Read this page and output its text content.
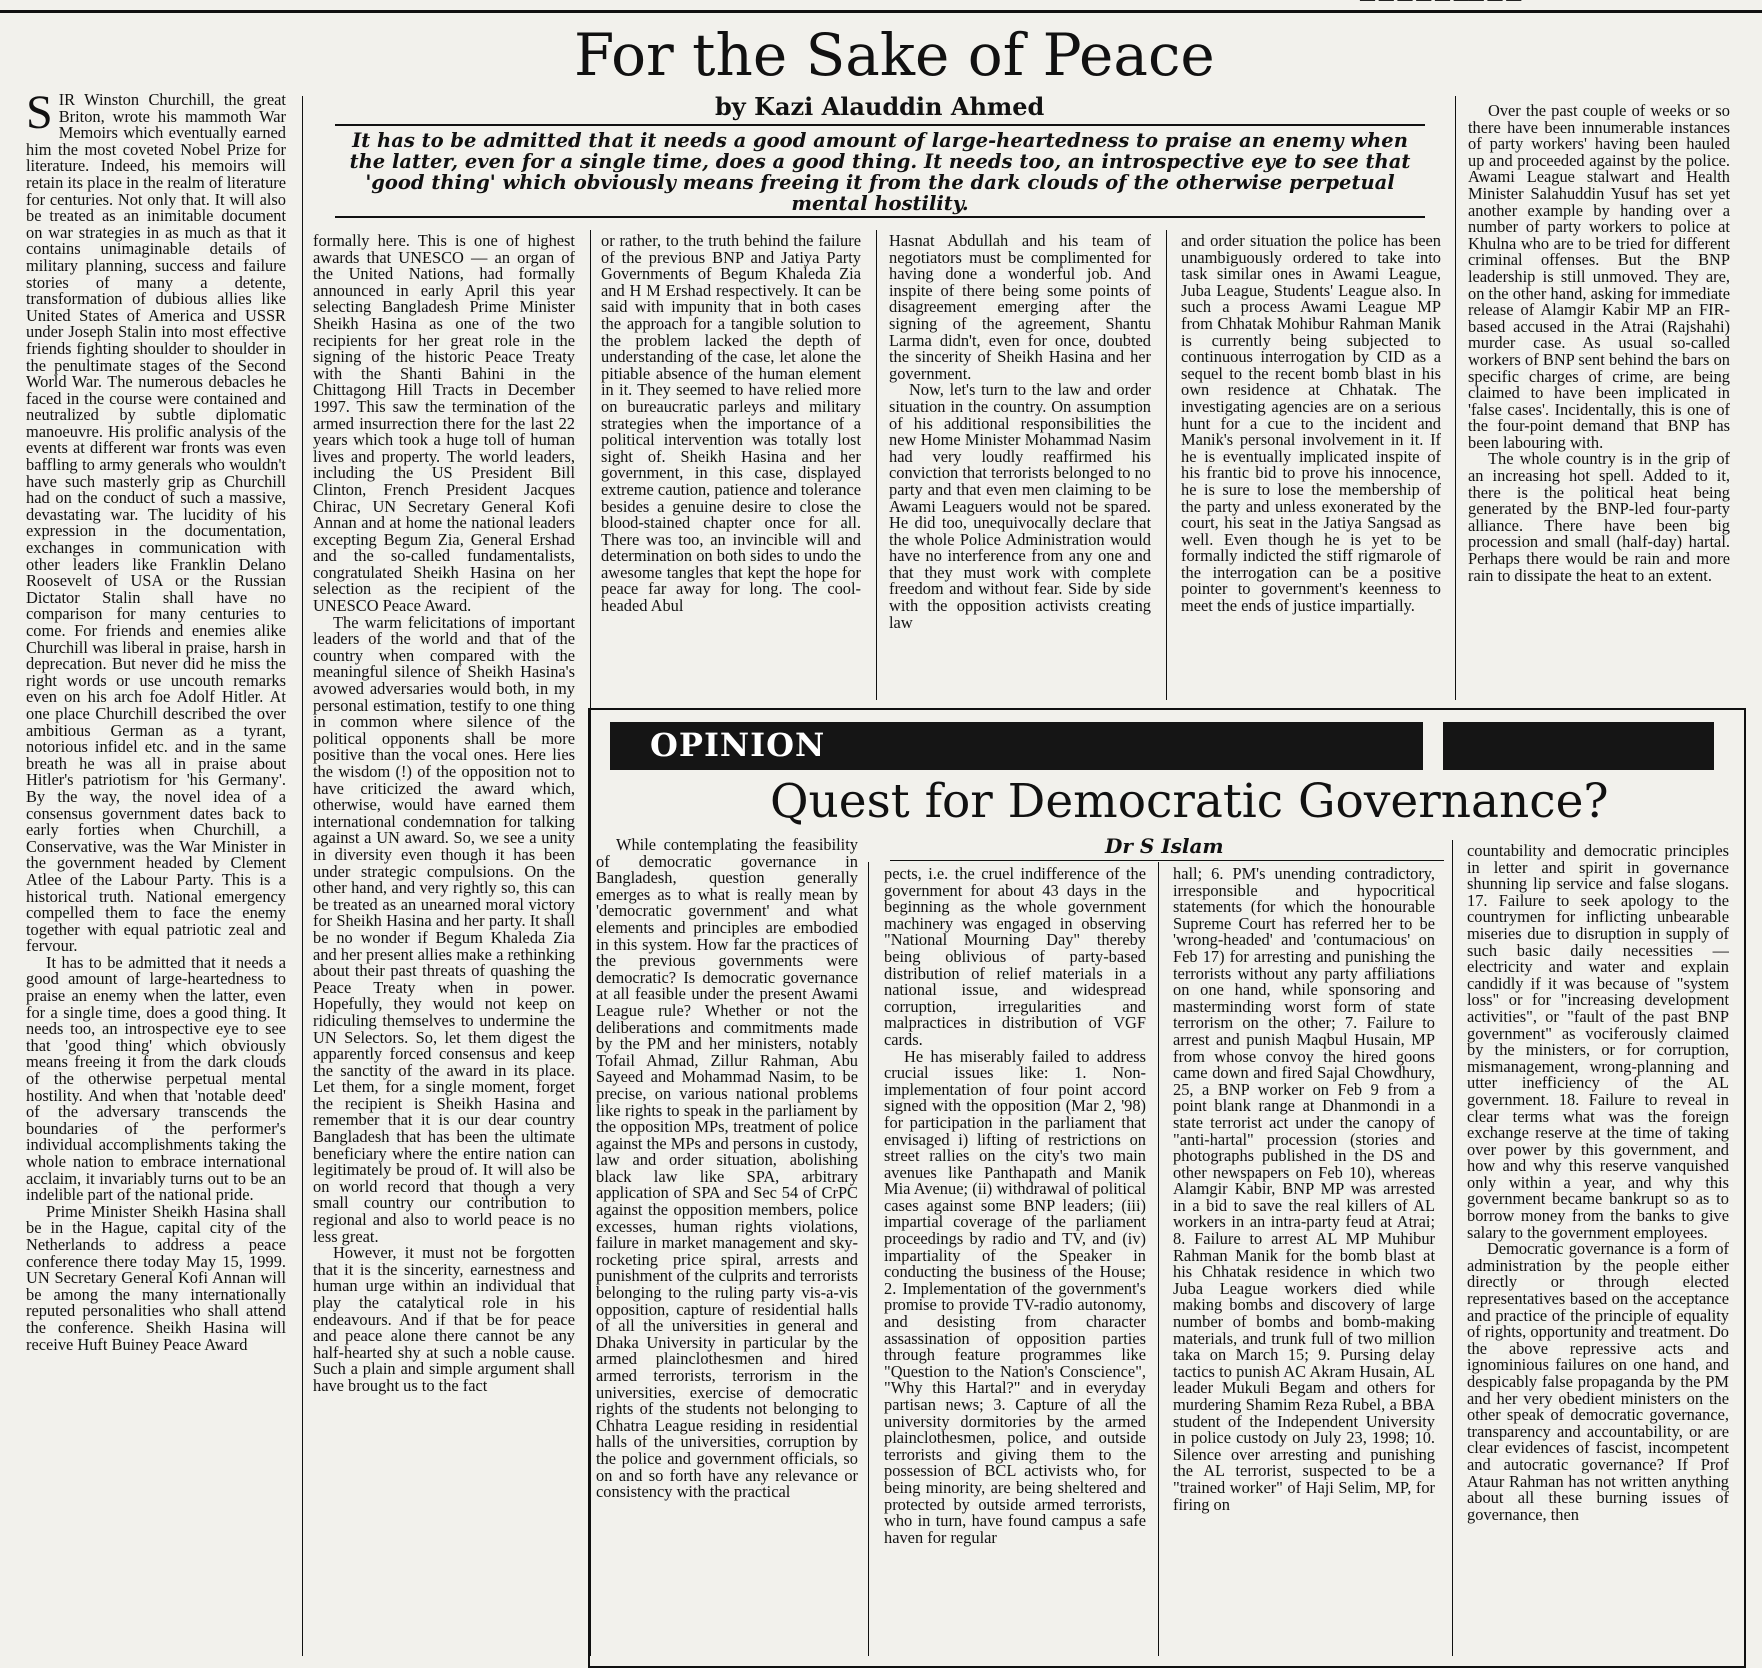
— — — — — —— — —
For the Sake of Peace
by Kazi Alauddin Ahmed
It has to be admitted that it needs a good amount of large-heartedness to praise an enemy when the latter, even for a single time, does a good thing. It needs too, an introspective eye to see that 'good thing' which obviously means freeing it from the dark clouds of the otherwise perpetual mental hostility.
S IR Winston Churchill, the great Briton, wrote his mammoth War Memoirs which eventually earned him the most coveted Nobel Prize for literature. Indeed, his memoirs will retain its place in the realm of literature for centuries. Not only that. It will also be treated as an inimitable document on war strategies in as much as that it contains unimaginable details of military planning, success and failure stories of many a detente, transformation of dubious allies like United States of America and USSR under Joseph Stalin into most effective friends fighting shoulder to shoulder in the penultimate stages of the Second World War. The numerous debacles he faced in the course were contained and neutralized by subtle diplomatic manoeuvre. His prolific analysis of the events at different war fronts was even baffling to army generals who wouldn't have such masterly grip as Churchill had on the conduct of such a massive, devastating war. The lucidity of his expression in the documentation, exchanges in communication with other leaders like Franklin Delano Roosevelt of USA or the Russian Dictator Stalin shall have no comparison for many centuries to come. For friends and enemies alike Churchill was liberal in praise, harsh in deprecation. But never did he miss the right words or use uncouth remarks even on his arch foe Adolf Hitler. At one place Churchill described the over ambitious German as a tyrant, notorious infidel etc. and in the same breath he was all in praise about Hitler's patriotism for 'his Germany'. By the way, the novel idea of a consensus government dates back to early forties when Churchill, a Conservative, was the War Minister in the government headed by Clement Atlee of the Labour Party. This is a historical truth. National emergency compelled them to face the enemy together with equal patriotic zeal and fervour.

It has to be admitted that it needs a good amount of large-heartedness to praise an enemy when the latter, even for a single time, does a good thing. It needs too, an introspective eye to see that 'good thing' which obviously means freeing it from the dark clouds of the otherwise perpetual mental hostility. And when that 'notable deed' of the adversary transcends the boundaries of the performer's individual accomplishments taking the whole nation to embrace international acclaim, it invariably turns out to be an indelible part of the national pride.

Prime Minister Sheikh Hasina shall be in the Hague, capital city of the Netherlands to address a peace conference there today May 15, 1999. UN Secretary General Kofi Annan will be among the many internationally reputed personalities who shall attend the conference. Sheikh Hasina will receive Huft Buiney Peace Award

formally here. This is one of highest awards that UNESCO — an organ of the United Nations, had formally announced in early April this year selecting Bangladesh Prime Minister Sheikh Hasina as one of the two recipients for her great role in the signing of the historic Peace Treaty with the Shanti Bahini in the Chittagong Hill Tracts in December 1997. This saw the termination of the armed insurrection there for the last 22 years which took a huge toll of human lives and property. The world leaders, including the US President Bill Clinton, French President Jacques Chirac, UN Secretary General Kofi Annan and at home the national leaders excepting Begum Zia, General Ershad and the so-called fundamentalists, congratulated Sheikh Hasina on her selection as the recipient of the UNESCO Peace Award.

The warm felicitations of important leaders of the world and that of the country when compared with the meaningful silence of Sheikh Hasina's avowed adversaries would both, in my personal estimation, testify to one thing in common where silence of the political opponents shall be more positive than the vocal ones. Here lies the wisdom (!) of the opposition not to have criticized the award which, otherwise, would have earned them international condemnation for talking against a UN award. So, we see a unity in diversity even though it has been under strategic compulsions. On the other hand, and very rightly so, this can be treated as an unearned moral victory for Sheikh Hasina and her party. It shall be no wonder if Begum Khaleda Zia and her present allies make a rethinking about their past threats of quashing the Peace Treaty when in power. Hopefully, they would not keep on ridiculing themselves to undermine the UN Selectors. So, let them digest the apparently forced consensus and keep the sanctity of the award in its place. Let them, for a single moment, forget the recipient is Sheikh Hasina and remember that it is our dear country Bangladesh that has been the ultimate beneficiary where the entire nation can legitimately be proud of. It will also be on world record that though a very small country our contribution to regional and also to world peace is no less great.

However, it must not be forgotten that it is the sincerity, earnestness and human urge within an individual that play the catalytical role in his endeavours. And if that be for peace and peace alone there cannot be any half-hearted shy at such a noble cause. Such a plain and simple argument shall have brought us to the fact

or rather, to the truth behind the failure of the previous BNP and Jatiya Party Governments of Begum Khaleda Zia and H M Ershad respectively. It can be said with impunity that in both cases the approach for a tangible solution to the problem lacked the depth of understanding of the case, let alone the pitiable absence of the human element in it. They seemed to have relied more on bureaucratic parleys and military strategies when the importance of a political intervention was totally lost sight of. Sheikh Hasina and her government, in this case, displayed extreme caution, patience and tolerance besides a genuine desire to close the blood-stained chapter once for all. There was too, an invincible will and determination on both sides to undo the awesome tangles that kept the hope for peace far away for long. The cool-headed Abul

Hasnat Abdullah and his team of negotiators must be complimented for having done a wonderful job. And inspite of there being some points of disagreement emerging after the signing of the agreement, Shantu Larma didn't, even for once, doubted the sincerity of Sheikh Hasina and her government.

Now, let's turn to the law and order situation in the country. On assumption of his additional responsibilities the new Home Minister Mohammad Nasim had very loudly reaffirmed his conviction that terrorists belonged to no party and that even men claiming to be Awami Leaguers would not be spared. He did too, unequivocally declare that the whole Police Administration would have no interference from any one and that they must work with complete freedom and without fear. Side by side with the opposition activists creating law

and order situation the police has been unambiguously ordered to take into task similar ones in Awami League, Juba League, Students' League also. In such a process Awami League MP from Chhatak Mohibur Rahman Manik is currently being subjected to continuous interrogation by CID as a sequel to the recent bomb blast in his own residence at Chhatak. The investigating agencies are on a serious hunt for a cue to the incident and Manik's personal involvement in it. If he is eventually implicated inspite of his frantic bid to prove his innocence, he is sure to lose the membership of the party and unless exonerated by the court, his seat in the Jatiya Sangsad as well. Even though he is yet to be formally indicted the stiff rigmarole of the interrogation can be a positive pointer to government's keenness to meet the ends of justice impartially.

Over the past couple of weeks or so there have been innumerable instances of party workers' having been hauled up and proceeded against by the police. Awami League stalwart and Health Minister Salahuddin Yusuf has set yet another example by handing over a number of party workers to police at Khulna who are to be tried for different criminal offenses. But the BNP leadership is still unmoved. They are, on the other hand, asking for immediate release of Alamgir Kabir MP an FIR-based accused in the Atrai (Rajshahi) murder case. As usual so-called workers of BNP sent behind the bars on specific charges of crime, are being claimed to have been implicated in 'false cases'. Incidentally, this is one of the four-point demand that BNP has been labouring with.

The whole country is in the grip of an increasing hot spell. Added to it, there is the political heat being generated by the BNP-led four-party alliance. There have been big procession and small (half-day) hartal. Perhaps there would be rain and more rain to dissipate the heat to an extent.

OPINION
Quest for Democratic Governance?
Dr S Islam

While contemplating the feasibility of democratic governance in Bangladesh, question generally emerges as to what is really mean by 'democratic government' and what elements and principles are embodied in this system. How far the practices of the previous governments were democratic? Is democratic governance at all feasible under the present Awami League rule? Whether or not the deliberations and commitments made by the PM and her ministers, notably Tofail Ahmad, Zillur Rahman, Abu Sayeed and Mohammad Nasim, to be precise, on various national problems like rights to speak in the parliament by the opposition MPs, treatment of police against the MPs and persons in custody, law and order situation, abolishing black law like SPA, arbitrary application of SPA and Sec 54 of CrPC against the opposition members, police excesses, human rights violations, failure in market management and sky-rocketing price spiral, arrests and punishment of the culprits and terrorists belonging to the ruling party vis-a-vis opposition, capture of residential halls of all the universities in general and Dhaka University in particular by the armed plainclothesmen and hired armed terrorists, terrorism in the universities, exercise of democratic rights of the students not belonging to Chhatra League residing in residential halls of the universities, corruption by the police and government officials, so on and so forth have any relevance or consistency with the practical

pects, i.e. the cruel indifference of the government for about 43 days in the beginning as the whole government machinery was engaged in observing "National Mourning Day" thereby being oblivious of party-based distribution of relief materials in a national issue, and widespread corruption, irregularities and malpractices in distribution of VGF cards.

He has miserably failed to address crucial issues like: 1. Non-implementation of four point accord signed with the opposition (Mar 2, '98) for participation in the parliament that envisaged i) lifting of restrictions on street rallies on the city's two main avenues like Panthapath and Manik Mia Avenue; (ii) withdrawal of political cases against some BNP leaders; (iii) impartial coverage of the parliament proceedings by radio and TV, and (iv) impartiality of the Speaker in conducting the business of the House; 2. Implementation of the government's promise to provide TV-radio autonomy, and desisting from character assassination of opposition parties through feature programmes like "Question to the Nation's Conscience", "Why this Hartal?" and in everyday partisan news; 3. Capture of all the university dormitories by the armed plainclothesmen, police, and outside terrorists and giving them to the possession of BCL activists who, for being minority, are being sheltered and protected by outside armed terrorists, who in turn, have found campus a safe haven for regular

hall; 6. PM's unending contradictory, irresponsible and hypocritical statements (for which the honourable Supreme Court has referred her to be 'wrong-headed' and 'contumacious' on Feb 17) for arresting and punishing the terrorists without any party affiliations on one hand, while sponsoring and masterminding worst form of state terrorism on the other; 7. Failure to arrest and punish Maqbul Husain, MP from whose convoy the hired goons came down and fired Sajal Chowdhury, 25, a BNP worker on Feb 9 from a point blank range at Dhanmondi in a state terrorist act under the canopy of "anti-hartal" procession (stories and photographs published in the DS and other newspapers on Feb 10), whereas Alamgir Kabir, BNP MP was arrested in a bid to save the real killers of AL workers in an intra-party feud at Atrai; 8. Failure to arrest AL MP Muhibur Rahman Manik for the bomb blast at his Chhatak residence in which two Juba League workers died while making bombs and discovery of large number of bombs and bomb-making materials, and trunk full of two million taka on March 15; 9. Pursing delay tactics to punish AC Akram Husain, AL leader Mukuli Begam and others for murdering Shamim Reza Rubel, a BBA student of the Independent University in police custody on July 23, 1998; 10. Silence over arresting and punishing the AL terrorist, suspected to be a "trained worker" of Haji Selim, MP, for firing on

countability and democratic principles in letter and spirit in governance shunning lip service and false slogans. 17. Failure to seek apology to the countrymen for inflicting unbearable miseries due to disruption in supply of such basic daily necessities — electricity and water and explain candidly if it was because of "system loss" or for "increasing development activities", or "fault of the past BNP government" as vociferously claimed by the ministers, or for corruption, mismanagement, wrong-planning and utter inefficiency of the AL government. 18. Failure to reveal in clear terms what was the foreign exchange reserve at the time of taking over power by this government, and how and why this reserve vanquished only within a year, and why this government became bankrupt so as to borrow money from the banks to give salary to the government employees.

Democratic governance is a form of administration by the people either directly or through elected representatives based on the acceptance and practice of the principle of equality of rights, opportunity and treatment. Do the above repressive acts and ignominious failures on one hand, and despicably false propaganda by the PM and her very obedient ministers on the other speak of democratic governance, transparency and accountability, or are clear evidences of fascist, incompetent and autocratic governance? If Prof Ataur Rahman has not written anything about all these burning issues of governance, then
